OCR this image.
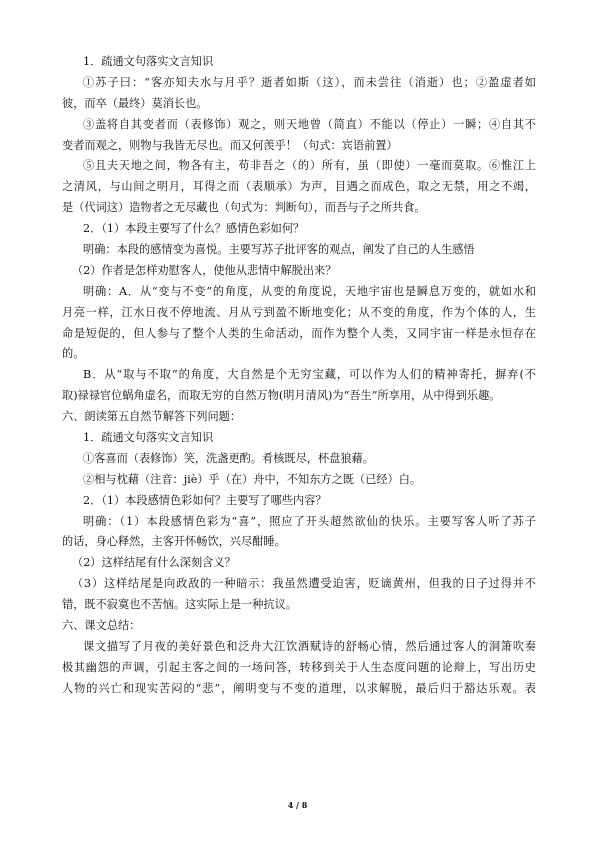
1．疏通文句落实文言知识
①苏子曰：“客亦知夫水与月乎？逝者如斯（这），而未尝往（消逝）也；②盈虚者如
彼，而卒（最终）莫消长也。
③盖将自其变者而（表修饰）观之，则天地曾（简直）不能以（停止）一瞬；④自其不
变者而观之，则物与我皆无尽也。而又何羡乎！（句式：宾语前置）
⑤且夫天地之间，物各有主，苟非吾之（的）所有，虽（即使）一毫而莫取。⑥惟江上
之清风，与山间之明月，耳得之而（表顺承）为声，目遇之而成色，取之无禁，用之不竭，
是（代词这）造物者之无尽藏也（句式为：判断句），而吾与子之所共食。
2．（1）本段主要写了什么？感情色彩如何？
明确：本段的感情变为喜悦。主要写苏子批评客的观点，阐发了自己的人生感悟
（2）作者是怎样劝慰客人，使他从悲情中解脱出来？
明确：A．从“变与不变”的角度，从变的角度说，天地宇宙也是瞬息万变的，就如水和
月亮一样，江水日夜不停地流、月从亏到盈不断地变化；从不变的角度，作为个体的人，生
命是短促的，但人参与了整个人类的生命活动，而作为整个人类，又同宇宙一样是永恒存在
的。
B．从“取与不取”的角度，大自然是个无穷宝藏，可以作为人们的精神寄托，摒弃(不
取)禄禄官位蜗角虚名，而取无穷的自然万物(明月清风)为“吾生”所享用，从中得到乐趣。
六、朗读第五自然节解答下列问题：
1．疏通文句落实文言知识
①客喜而（表修饰）笑，洗盏更酌。肴核既尽，杯盘狼藉。
②相与枕藉（注音：jiè）乎（在）舟中，不知东方之既（已经）白。
2．（1）本段感情色彩如何？主要写了哪些内容？
明确：（1）本段感情色彩为“喜”，照应了开头超然欲仙的快乐。主要写客人听了苏子
的话，身心释然，主客开怀畅饮，兴尽酣睡。
（2）这样结尾有什么深刻含义？
（3）这样结尾是向政敌的一种暗示：我虽然遭受迫害，贬谪黄州，但我的日子过得并不
错，既不寂寞也不苦恼。这实际上是一种抗议。
六、课文总结：
课文描写了月夜的美好景色和泛舟大江饮酒赋诗的舒畅心情，然后通过客人的洞箫吹奏
极其幽怨的声调，引起主客之间的一场问答，转移到关于人生态度问题的论辩上，写出历史
人物的兴亡和现实苦闷的“悲”，阐明变与不变的道理，以求解脱，最后归于豁达乐观。表
4 / 8
